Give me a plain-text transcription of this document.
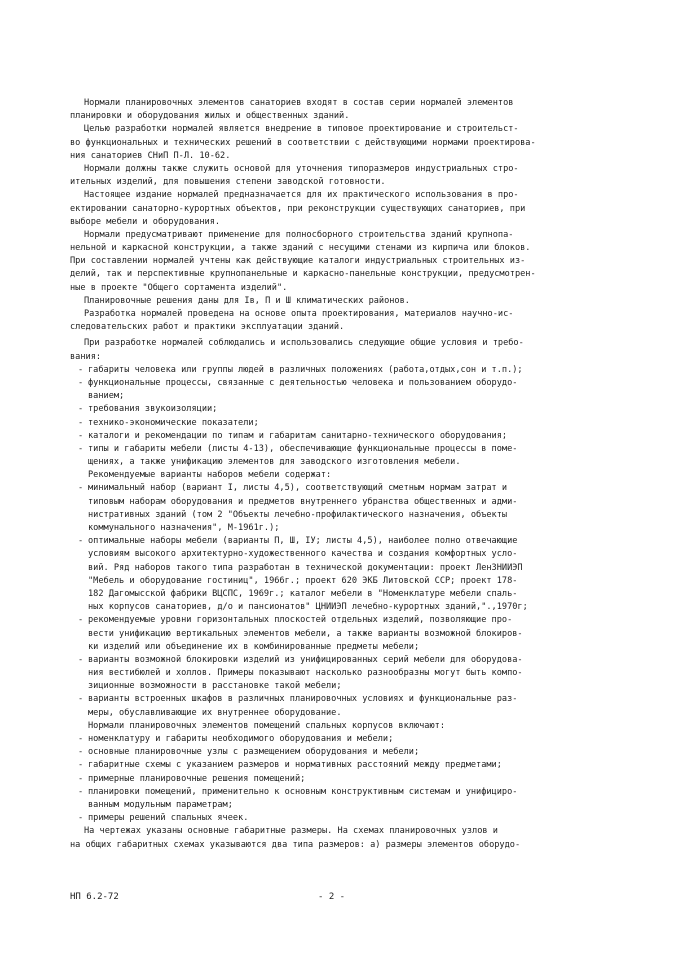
Нормали планировочных элементов санаториев входят в состав серии нормалей элементов
планировки и оборудования жилых и общественных зданий.
Целью разработки нормалей является внедрение в типовое проектирование и строительст-
во функциональных и технических решений в соответствии с действующими нормами проектирова-
ния санаториев СНиП П-Л. 10-62.
Нормали должны также служить основой для уточнения типоразмеров индустриальных стро-
ительных изделий, для повышения степени заводской готовности.
Настоящее издание нормалей предназначается для их практического использования в про-
ектировании санаторно-курортных объектов, при реконструкции существующих санаториев, при
выборе мебели и оборудования.
Нормали предусматривают применение для полносборного строительства зданий крупнопа-
нельной и каркасной конструкции, а также зданий с несущими стенами из кирпича или блоков.
При составлении нормалей учтены как действующие каталоги индустриальных строительных из-
делий, так и перспективные крупнопанельные и каркасно-панельные конструкции, предусмотрен-
ные в проекте "Общего сортамента изделий".
Планировочные решения даны для Iв, П и Ш климатических районов.
Разработка нормалей проведена на основе опыта проектирования, материалов научно-ис-
следовательских работ и практики эксплуатации зданий.
При разработке нормалей соблюдались и использовались следующие общие условия и требо-
вания:
- габариты человека или группы людей в различных положениях (работа,отдых,сон и т.п.);
- функциональные процессы, связанные с деятельностью человека и пользованием оборудо-
ванием;
- требования звукоизоляции;
- технико-экономические показатели;
- каталоги и рекомендации по типам и габаритам санитарно-технического оборудования;
- типы и габариты мебели (листы 4-13), обеспечивающие функциональные процессы в поме-
щениях, а также унификацию элементов для заводского изготовления мебели.
Рекомендуемые варианты наборов мебели содержат:
- минимальный набор (вариант I, листы 4,5), соответствующий сметным нормам затрат и
типовым наборам оборудования и предметов внутреннего убранства общественных и адми-
нистративных зданий (том 2 "Объекты лечебно-профилактического назначения, объекты
коммунального назначения", М-1961г.);
- оптимальные наборы мебели (варианты П, Ш, IУ; листы 4,5), наиболее полно отвечающие
условиям высокого архитектурно-художественного качества и создания комфортных усло-
вий. Ряд наборов такого типа разработан в технической документации: проект ЛенЗНИИЭП
"Мебель и оборудование гостиниц", 1966г.; проект 620 ЭКБ Литовской ССР; проект 178-
182 Дагомысской фабрики ВЦСПС, 1969г.; каталог мебели в "Номенклатуре мебели спаль-
ных корпусов санаториев, д/о и пансионатов" ЦНИИЭП лечебно-курортных зданий,".,1970г;
- рекомендуемые уровни горизонтальных плоскостей отдельных изделий, позволяющие про-
вести унификацию вертикальных элементов мебели, а также варианты возможной блокиров-
ки изделий или объединение их в комбинированные предметы мебели;
- варианты возможной блокировки изделий из унифицированных серий мебели для оборудова-
ния вестибюлей и холлов. Примеры показывают насколько разнообразны могут быть компо-
зиционные возможности в расстановке такой мебели;
- варианты встроенных шкафов в различных планировочных условиях и функциональные раз-
меры, обуславливающие их внутреннее оборудование.
Нормали планировочных элементов помещений спальных корпусов включают:
- номенклатуру и габариты необходимого оборудования и мебели;
- основные планировочные узлы с размещением оборудования и мебели;
- габаритные схемы с указанием размеров и нормативных расстояний между предметами;
- примерные планировочные решения помещений;
- планировки помещений, применительно к основным конструктивным системам и унифициро-
ванным модульным параметрам;
- примеры решений спальных ячеек.
На чертежах указаны основные габаритные размеры. На схемах планировочных узлов и
на общих габаритных схемах указываются два типа размеров: а) размеры элементов оборудо-
НП 6.2-72	- 2 -
